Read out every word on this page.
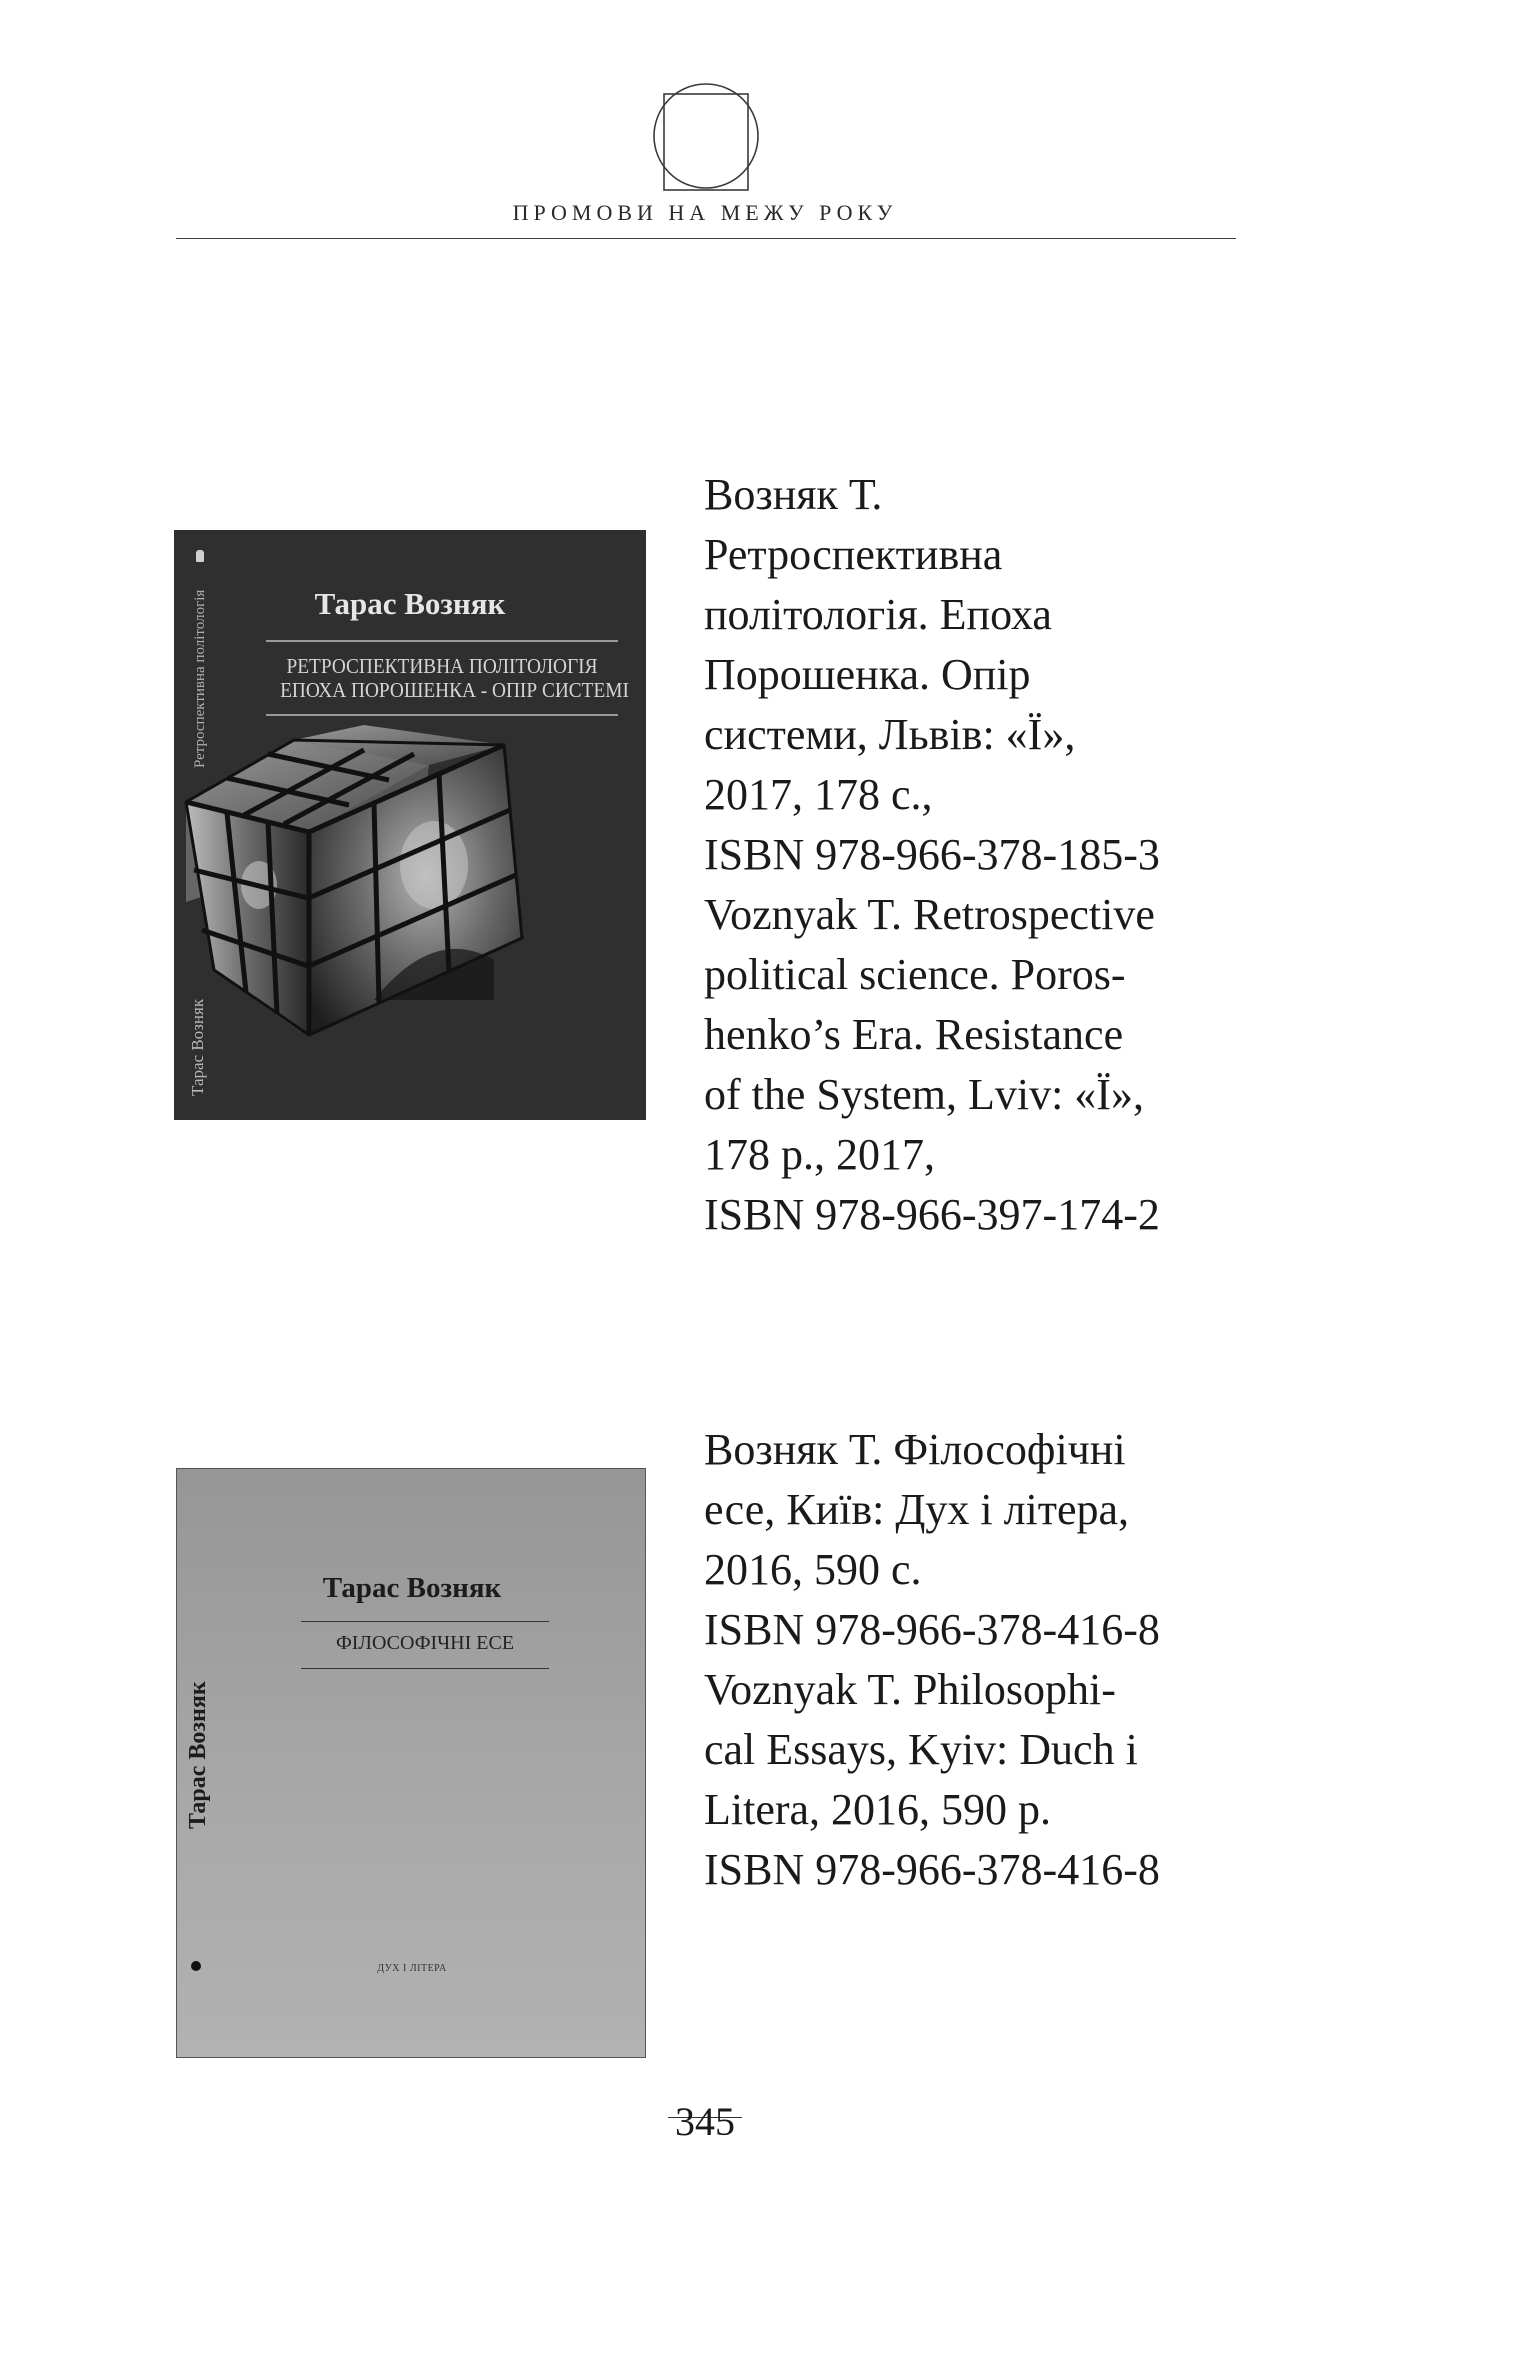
ПРОМОВИ НА МЕЖУ РОКУ
Ретроспективна політологія
Тарас Возняк
Тарас Возняк
РЕТРОСПЕКТИВНА ПОЛІТОЛОГІЯ
ЕПОХА ПОРОШЕНКА - ОПІР СИСТЕМІ
Возняк Т.
Ретроспективна
політологія. Епоха
Порошенка. Опір
системи, Львів: «Ї»,
2017, 178 с.,
ISBN 978-966-378-185-3
Voznyak T. Retrospective
political science. Poros-
henko’s Era. Resistance
of the System, Lviv: «Ї»,
178 p., 2017,
ISBN 978-966-397-174-2
Тарас Возняк
ФІЛОСОФІЧНІ ЕСЕ
Тарас Возняк
ДУХ І ЛІТЕРА
Возняк Т. Філософічні
есе, Київ: Дух і літера,
2016, 590 с.
ISBN 978-966-378-416-8
Voznyak T. Philosophi-
cal Essays, Kyiv: Duch i
Litera, 2016, 590 p.
ISBN 978-966-378-416-8
345
